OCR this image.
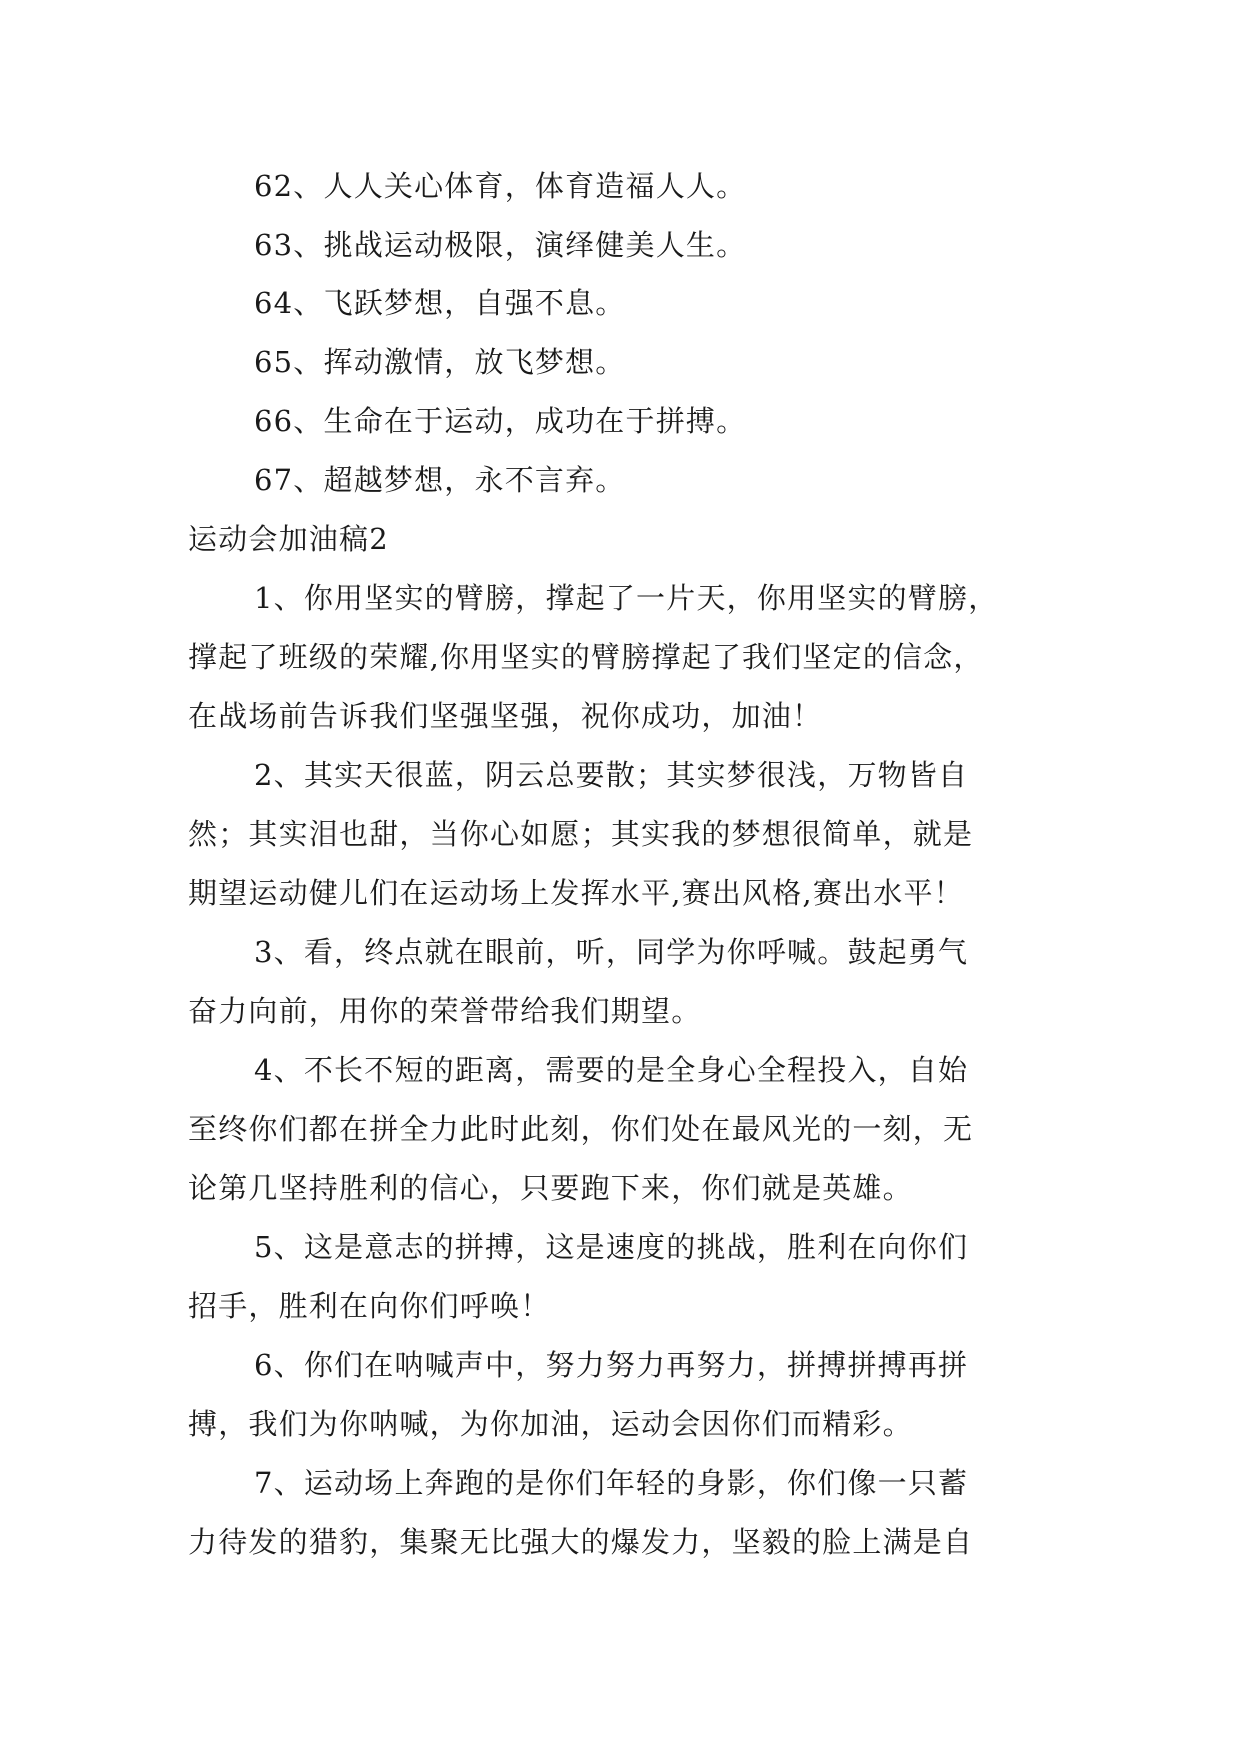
62、人人关心体育，体育造福人人。
63、挑战运动极限，演绎健美人生。
64、飞跃梦想，自强不息。
65、挥动激情，放飞梦想。
66、生命在于运动，成功在于拼搏。
67、超越梦想，永不言弃。
运动会加油稿2
1、你用坚实的臂膀，撑起了一片天，你用坚实的臂膀，
撑起了班级的荣耀,你用坚实的臂膀撑起了我们坚定的信念，
在战场前告诉我们坚强坚强，祝你成功，加油！
2、其实天很蓝，阴云总要散；其实梦很浅，万物皆自
然；其实泪也甜，当你心如愿；其实我的梦想很简单，就是
期望运动健儿们在运动场上发挥水平,赛出风格,赛出水平！
3、看，终点就在眼前，听，同学为你呼喊。鼓起勇气
奋力向前，用你的荣誉带给我们期望。
4、不长不短的距离，需要的是全身心全程投入，自始
至终你们都在拼全力此时此刻，你们处在最风光的一刻，无
论第几坚持胜利的信心，只要跑下来，你们就是英雄。
5、这是意志的拼搏，这是速度的挑战，胜利在向你们
招手，胜利在向你们呼唤！
6、你们在呐喊声中，努力努力再努力，拼搏拼搏再拼
搏，我们为你呐喊，为你加油，运动会因你们而精彩。
7、运动场上奔跑的是你们年轻的身影，你们像一只蓄
力待发的猎豹，集聚无比强大的爆发力，坚毅的脸上满是自
